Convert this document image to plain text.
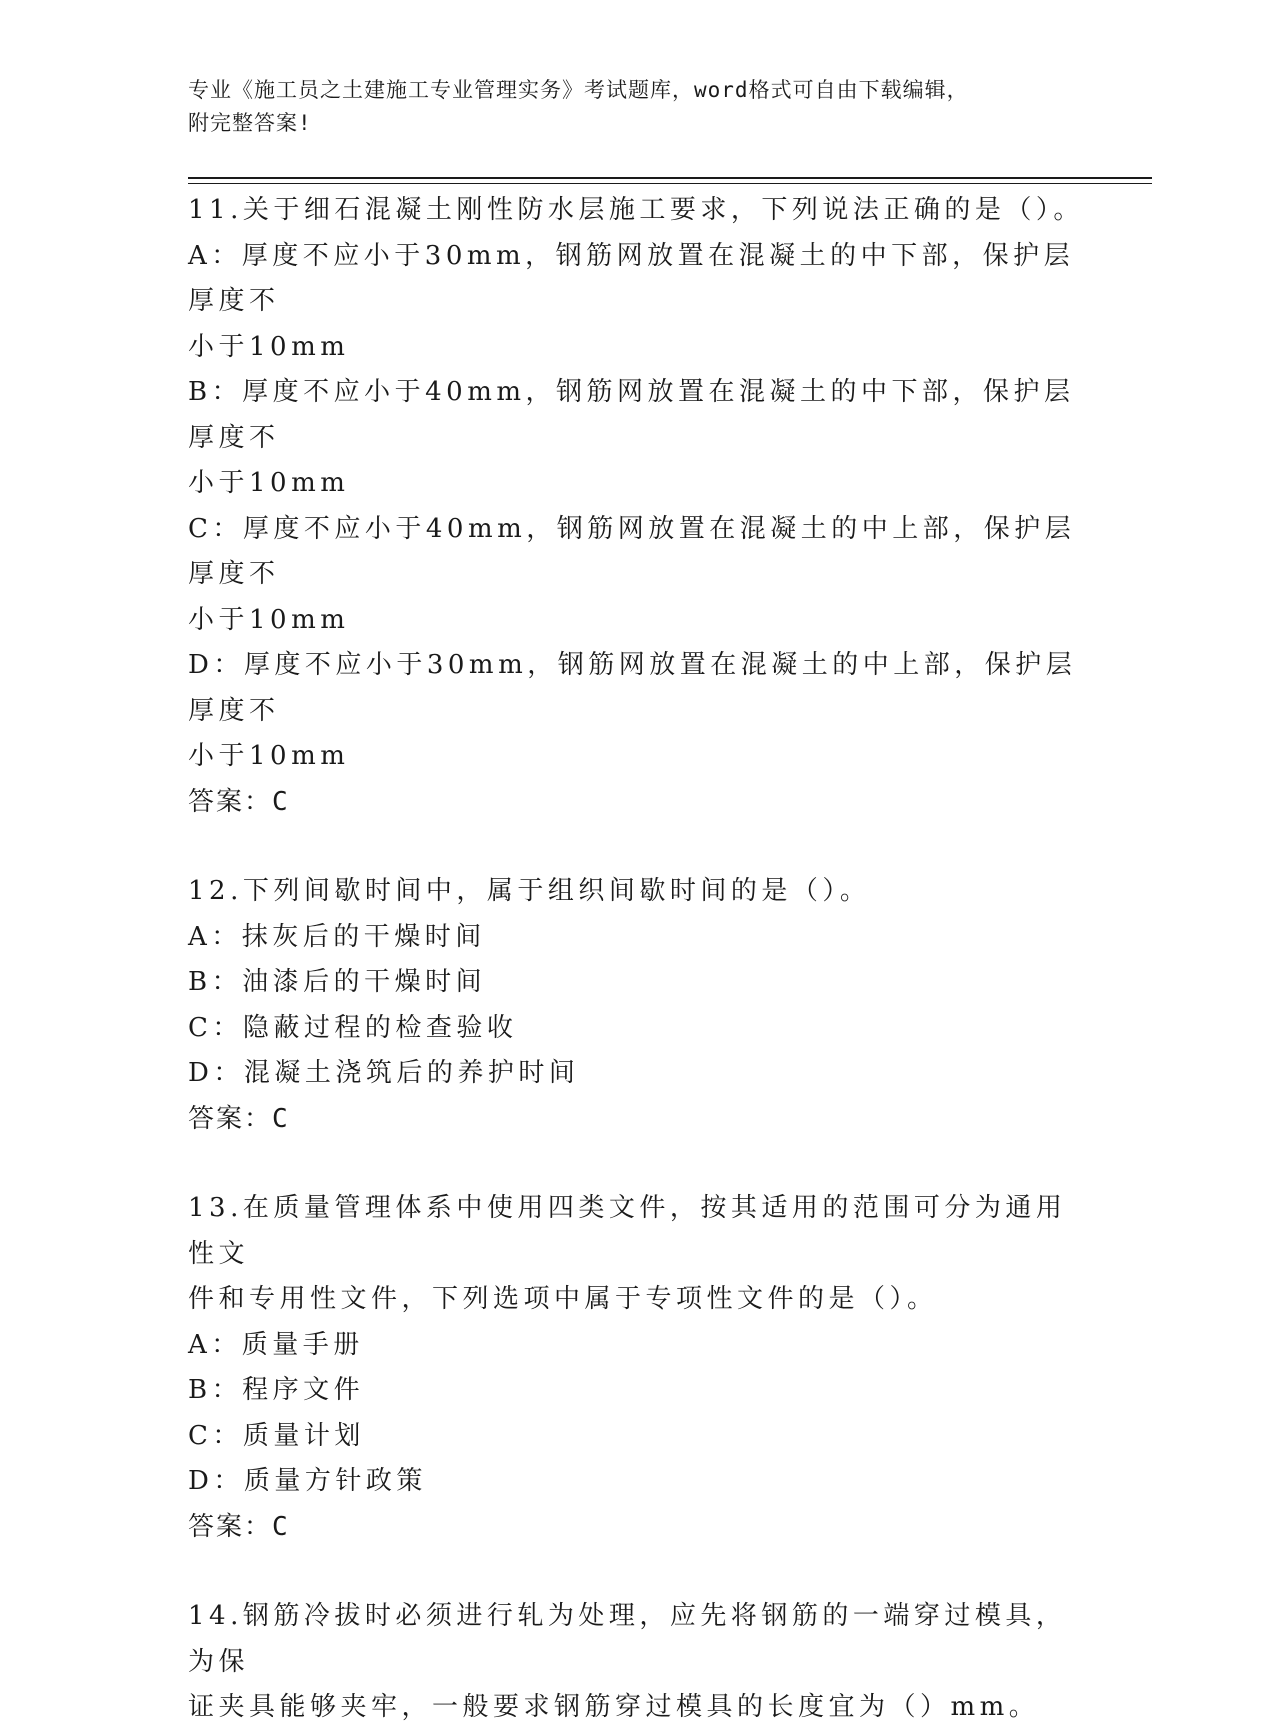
专业《施工员之土建施工专业管理实务》考试题库，word格式可自由下载编辑，
附完整答案!
11.关于细石混凝土刚性防水层施工要求，下列说法正确的是（）。
A：厚度不应小于30mm，钢筋网放置在混凝土的中下部，保护层厚度不
小于10mm
B：厚度不应小于40mm，钢筋网放置在混凝土的中下部，保护层厚度不
小于10mm
C：厚度不应小于40mm，钢筋网放置在混凝土的中上部，保护层厚度不
小于10mm
D：厚度不应小于30mm，钢筋网放置在混凝土的中上部，保护层厚度不
小于10mm
答案：C
12.下列间歇时间中，属于组织间歇时间的是（）。
A：抹灰后的干燥时间
B：油漆后的干燥时间
C：隐蔽过程的检查验收
D：混凝土浇筑后的养护时间
答案：C
13.在质量管理体系中使用四类文件，按其适用的范围可分为通用性文
件和专用性文件，下列选项中属于专项性文件的是（）。
A：质量手册
B：程序文件
C：质量计划
D：质量方针政策
答案：C
14.钢筋冷拔时必须进行轧为处理，应先将钢筋的一端穿过模具，为保
证夹具能够夹牢，一般要求钢筋穿过模具的长度宜为（）mm。
